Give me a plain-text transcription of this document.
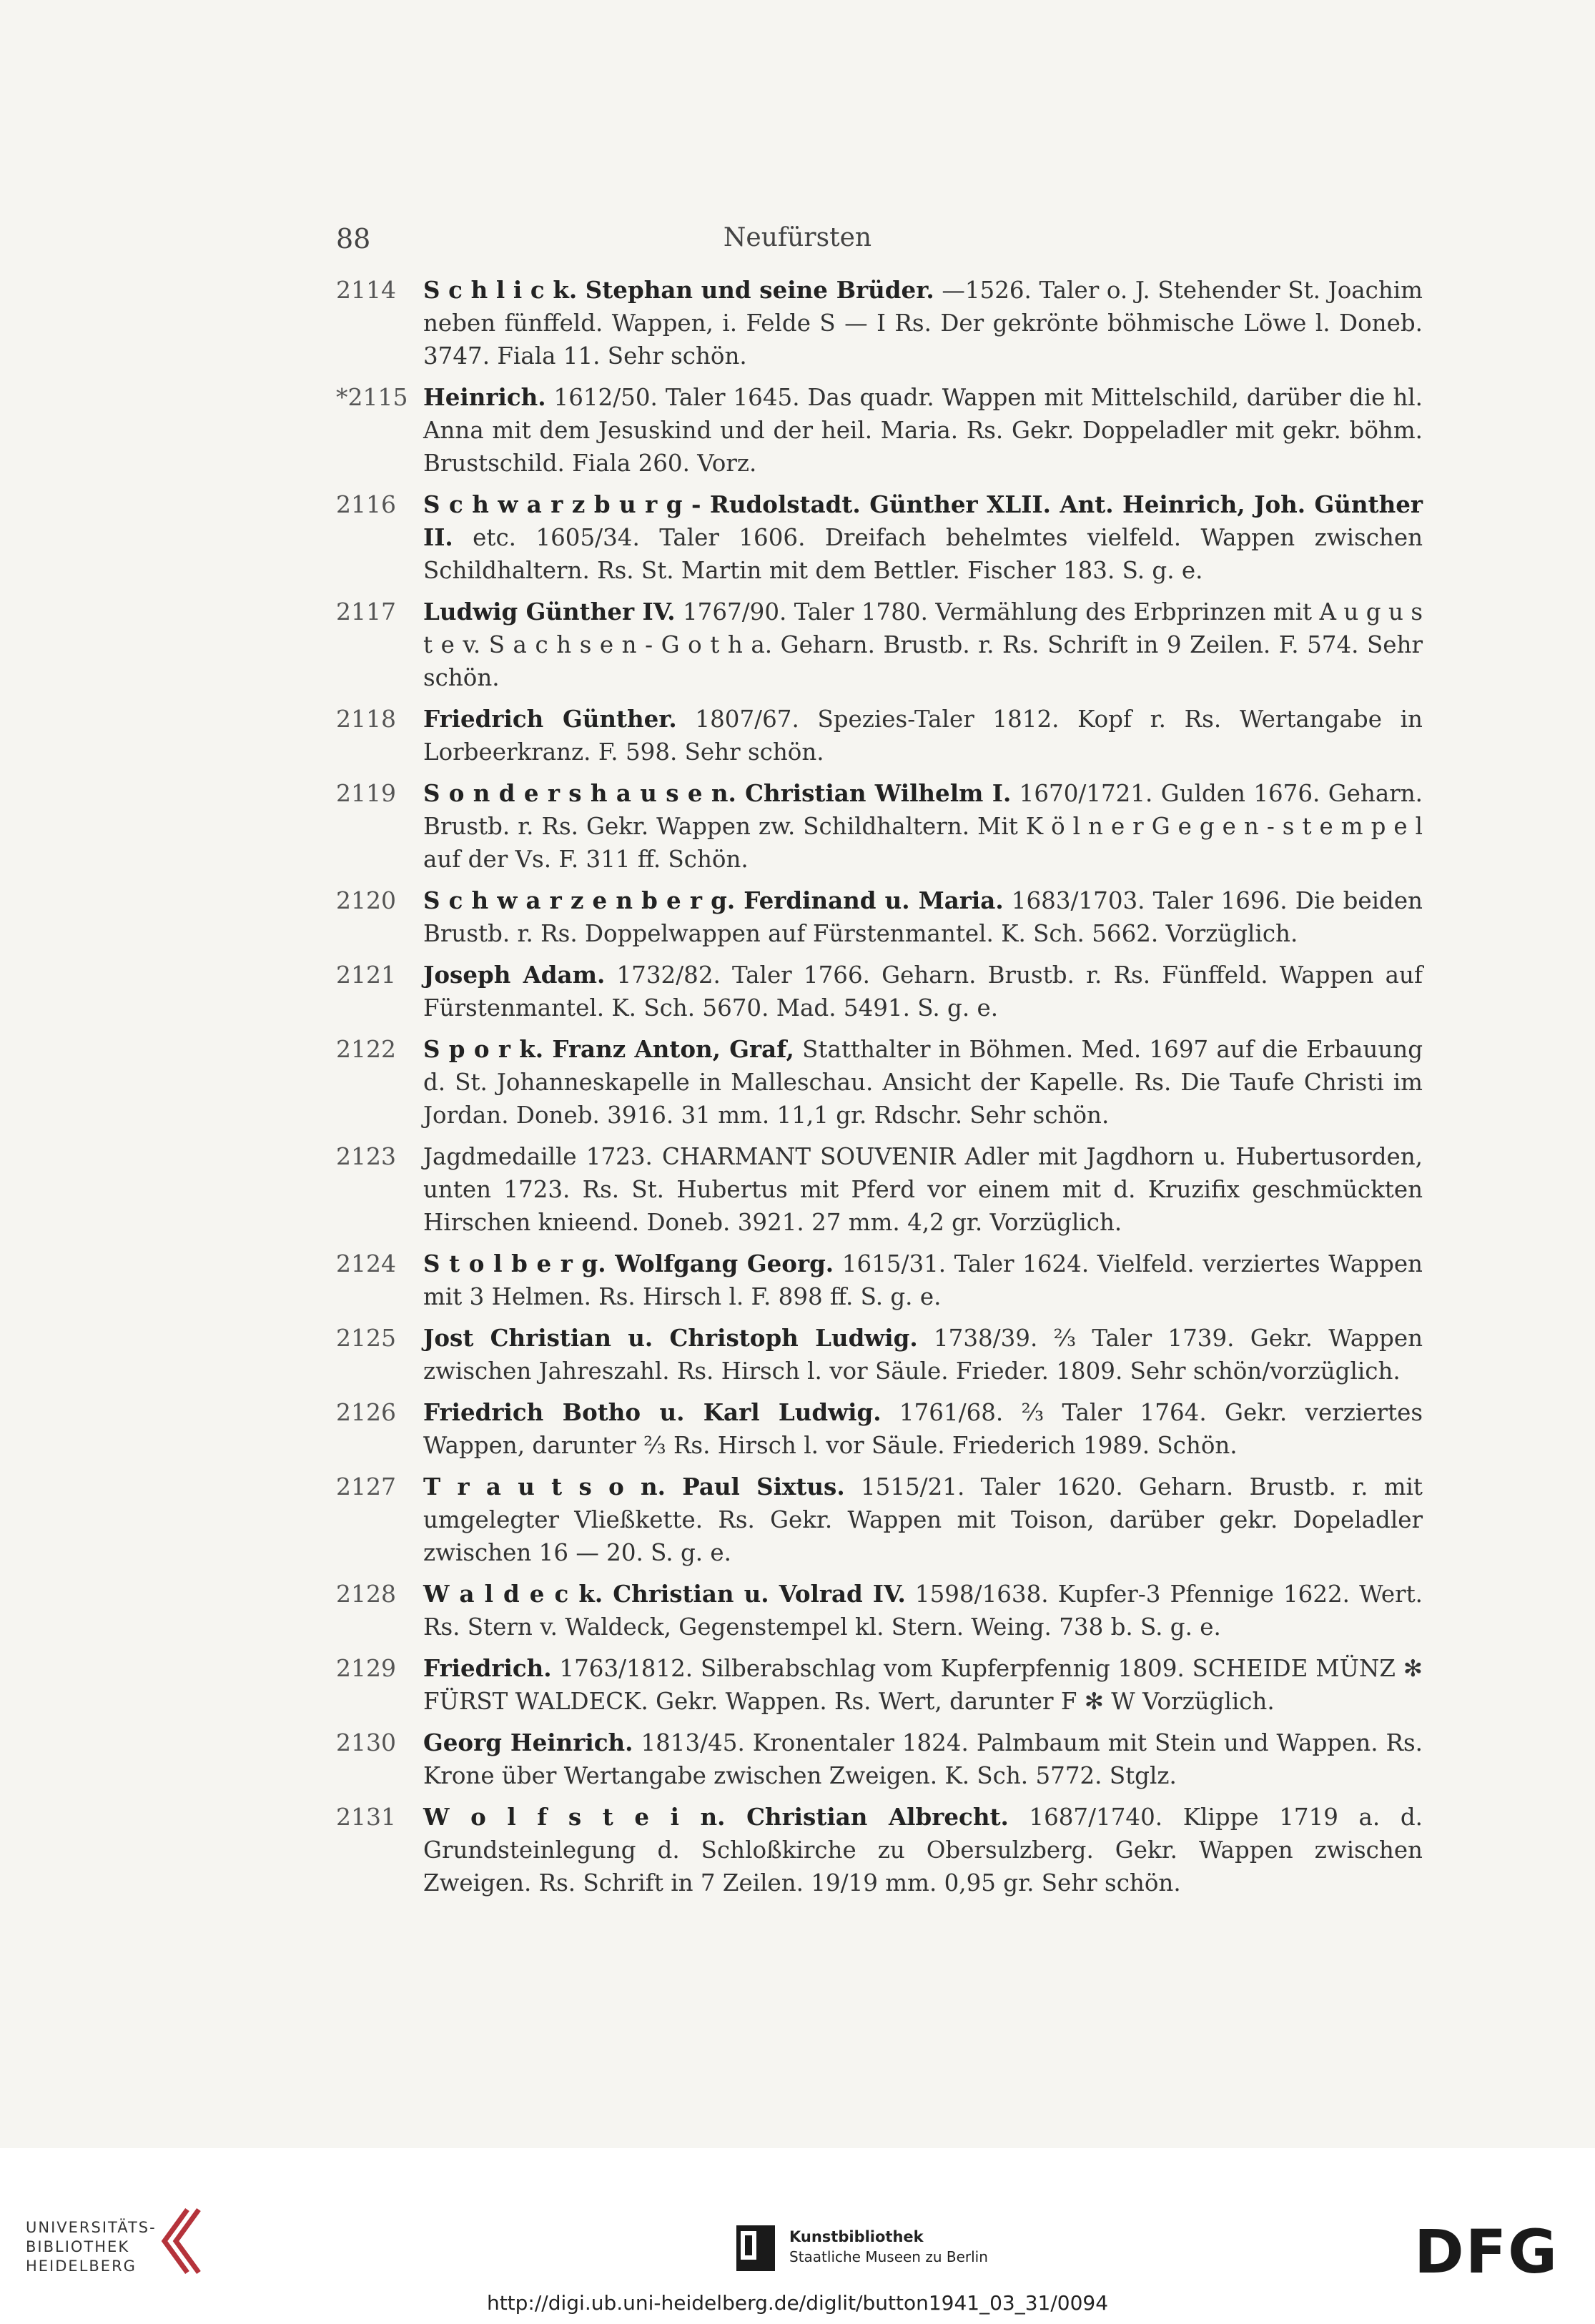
88	Neufürsten
2114	S c h l i c k. Stephan und seine Brüder. —1526. Taler o. J. Stehender St. Joachim neben fünffeld. Wappen, i. Felde S — I Rs. Der gekrönte böhmische Löwe l. Doneb. 3747. Fiala 11. Sehr schön.
*2115 Heinrich. 1612/50. Taler 1645. Das quadr. Wappen mit Mittelschild, darüber die hl. Anna mit dem Jesuskind und der heil. Maria. Rs. Gekr. Doppeladler mit gekr. böhm. Brustschild. Fiala 260. Vorz.
2116	S c h w a r z b u r g - Rudolstadt. Günther XLII. Ant. Heinrich, Joh. Günther II. etc. 1605/34. Taler 1606. Dreifach behelmtes vielfeld. Wappen zwischen Schildhaltern. Rs. St. Martin mit dem Bettler. Fischer 183. S. g. e.
2117	Ludwig Günther IV. 1767/90. Taler 1780. Vermählung des Erbprinzen mit A u g u s t e v. S a c h s e n - G o t h a. Geharn. Brustb. r. Rs. Schrift in 9 Zeilen. F. 574. Sehr schön.
2118	Friedrich Günther. 1807/67. Spezies-Taler 1812. Kopf r. Rs. Wertangabe in Lorbeerkranz. F. 598. Sehr schön.
2119	S o n d e r s h a u s e n. Christian Wilhelm I. 1670/1721. Gulden 1676. Geharn. Brustb. r. Rs. Gekr. Wappen zw. Schildhaltern. Mit K ö l n e r G e g e n - s t e m p e l auf der Vs. F. 311 ff. Schön.
2120	S c h w a r z e n b e r g. Ferdinand u. Maria. 1683/1703. Taler 1696. Die beiden Brustb. r. Rs. Doppelwappen auf Fürstenmantel. K. Sch. 5662. Vorzüglich.
2121	Joseph Adam. 1732/82. Taler 1766. Geharn. Brustb. r. Rs. Fünffeld. Wappen auf Fürstenmantel. K. Sch. 5670. Mad. 5491. S. g. e.
2122	S p o r k. Franz Anton, Graf, Statthalter in Böhmen. Med. 1697 auf die Erbauung d. St. Johanneskapelle in Malleschau. Ansicht der Kapelle. Rs. Die Taufe Christi im Jordan. Doneb. 3916. 31 mm. 11,1 gr. Rdschr. Sehr schön.
2123	Jagdmedaille 1723. CHARMANT SOUVENIR Adler mit Jagdhorn u. Hubertusorden, unten 1723. Rs. St. Hubertus mit Pferd vor einem mit d. Kruzifix geschmückten Hirschen knieend. Doneb. 3921. 27 mm. 4,2 gr. Vorzüglich.
2124	S t o l b e r g. Wolfgang Georg. 1615/31. Taler 1624. Vielfeld. verziertes Wappen mit 3 Helmen. Rs. Hirsch l. F. 898 ff. S. g. e.
2125	Jost Christian u. Christoph Ludwig. 1738/39. ⅔ Taler 1739. Gekr. Wappen zwischen Jahreszahl. Rs. Hirsch l. vor Säule. Frieder. 1809. Sehr schön/vorzüglich.
2126	Friedrich Botho u. Karl Ludwig. 1761/68. ⅔ Taler 1764. Gekr. verziertes Wappen, darunter ⅔ Rs. Hirsch l. vor Säule. Friederich 1989. Schön.
2127	T r a u t s o n. Paul Sixtus. 1515/21. Taler 1620. Geharn. Brustb. r. mit umgelegter Vließkette. Rs. Gekr. Wappen mit Toison, darüber gekr. Dopeladler zwischen 16 — 20. S. g. e.
2128	W a l d e c k. Christian u. Volrad IV. 1598/1638. Kupfer-3 Pfennige 1622. Wert. Rs. Stern v. Waldeck, Gegenstempel kl. Stern. Weing. 738 b. S. g. e.
2129	Friedrich. 1763/1812. Silberabschlag vom Kupferpfennig 1809. SCHEIDE MÜNZ ✻ FÜRST WALDECK. Gekr. Wappen. Rs. Wert, darunter F ✻ W Vorzüglich.
2130	Georg Heinrich. 1813/45. Kronentaler 1824. Palmbaum mit Stein und Wappen. Rs. Krone über Wertangabe zwischen Zweigen. K. Sch. 5772. Stglz.
2131	W o l f s t e i n. Christian Albrecht. 1687/1740. Klippe 1719 a. d. Grundsteinlegung d. Schloßkirche zu Obersulzberg. Gekr. Wappen zwischen Zweigen. Rs. Schrift in 7 Zeilen. 19/19 mm. 0,95 gr. Sehr schön.
UNIVERSITÄTS-
BIBLIOTHEK
HEIDELBERG
Kunstbibliothek
Staatliche Museen zu Berlin	DFG
http://digi.ub.uni-heidelberg.de/diglit/button1941_03_31/0094
